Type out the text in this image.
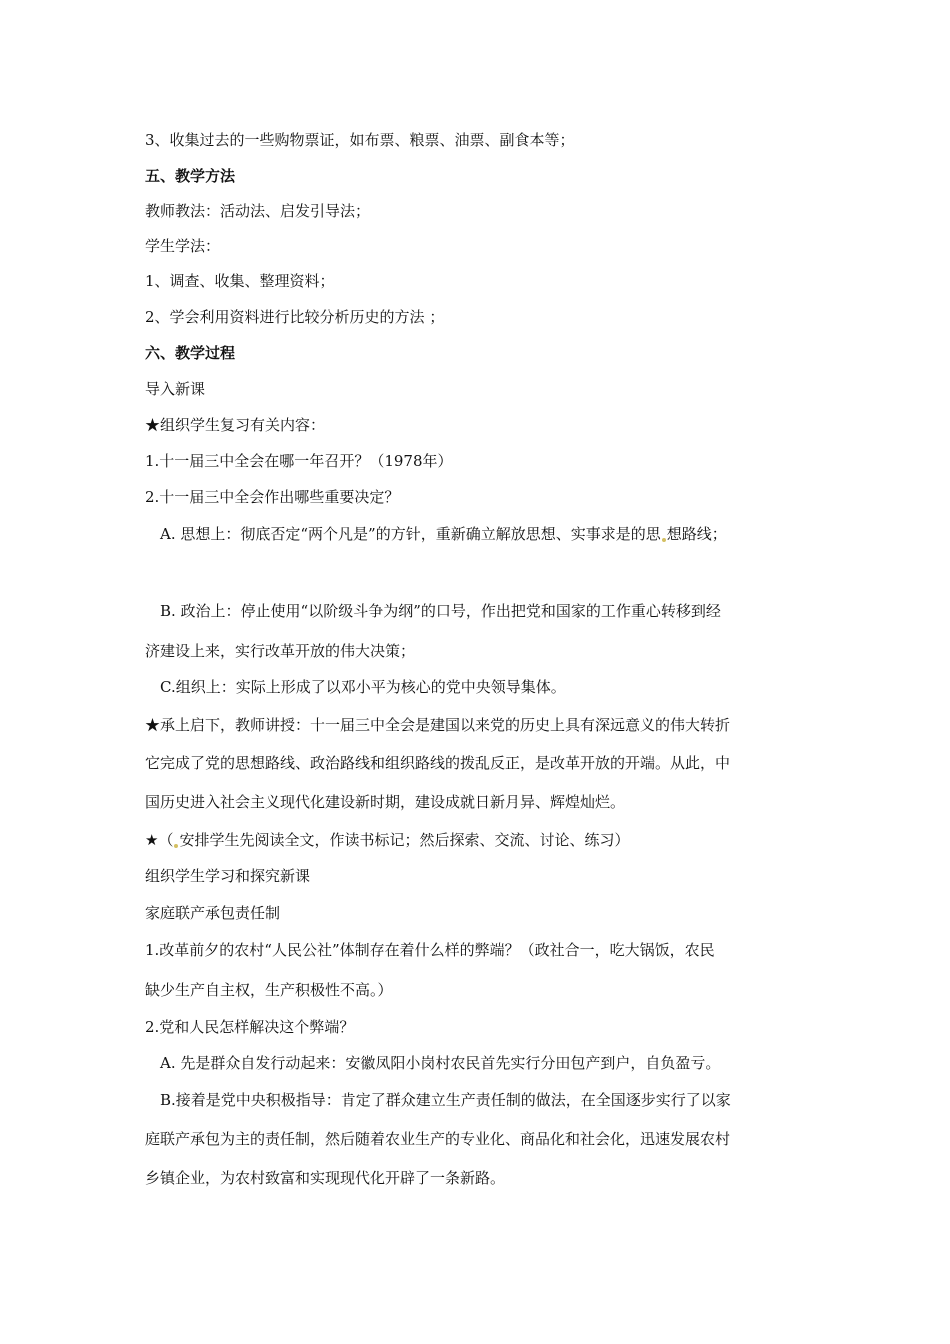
3、收集过去的一些购物票证，如布票、粮票、油票、副食本等；

五、教学方法

教师教法：活动法、启发引导法；

学生学法：

1、调查、收集、整理资料；

2、学会利用资料进行比较分析历史的方法 ；

六、教学过程

导入新课

★组织学生复习有关内容：

1.十一届三中全会在哪一年召开？（1978年）

2.十一届三中全会作出哪些重要决定？

A. 思想上：彻底否定“两个凡是”的方针，重新确立解放思想、实事求是的思 想路线；

B. 政治上：停止使用“以阶级斗争为纲”的口号，作出把党和国家的工作重心转移到经

济建设上来，实行改革开放的伟大决策；

C.组织上：实际上形成了以邓小平为核心的党中央领导集体。

★承上启下，教师讲授：十一届三中全会是建国以来党的历史上具有深远意义的伟大转折

它完成了党的思想路线、政治路线和组织路线的拨乱反正，是改革开放的开端。从此，中

国历史进入社会主义现代化建设新时期，建设成就日新月异、辉煌灿烂。

★（ 安排学生先阅读全文，作读书标记；然后探索、交流、讨论、练习）

组织学生学习和探究新课

家庭联产承包责任制

1.改革前夕的农村“人民公社”体制存在着什么样的弊端？（政社合一，吃大锅饭，农民

缺少生产自主权，生产积极性不高。）

2.党和人民怎样解决这个弊端？

A. 先是群众自发行动起来：安徽凤阳小岗村农民首先实行分田包产到户，自负盈亏。

B.接着是党中央积极指导：肯定了群众建立生产责任制的做法，在全国逐步实行了以家

庭联产承包为主的责任制，然后随着农业生产的专业化、商品化和社会化，迅速发展农村

乡镇企业，为农村致富和实现现代化开辟了一条新路。
